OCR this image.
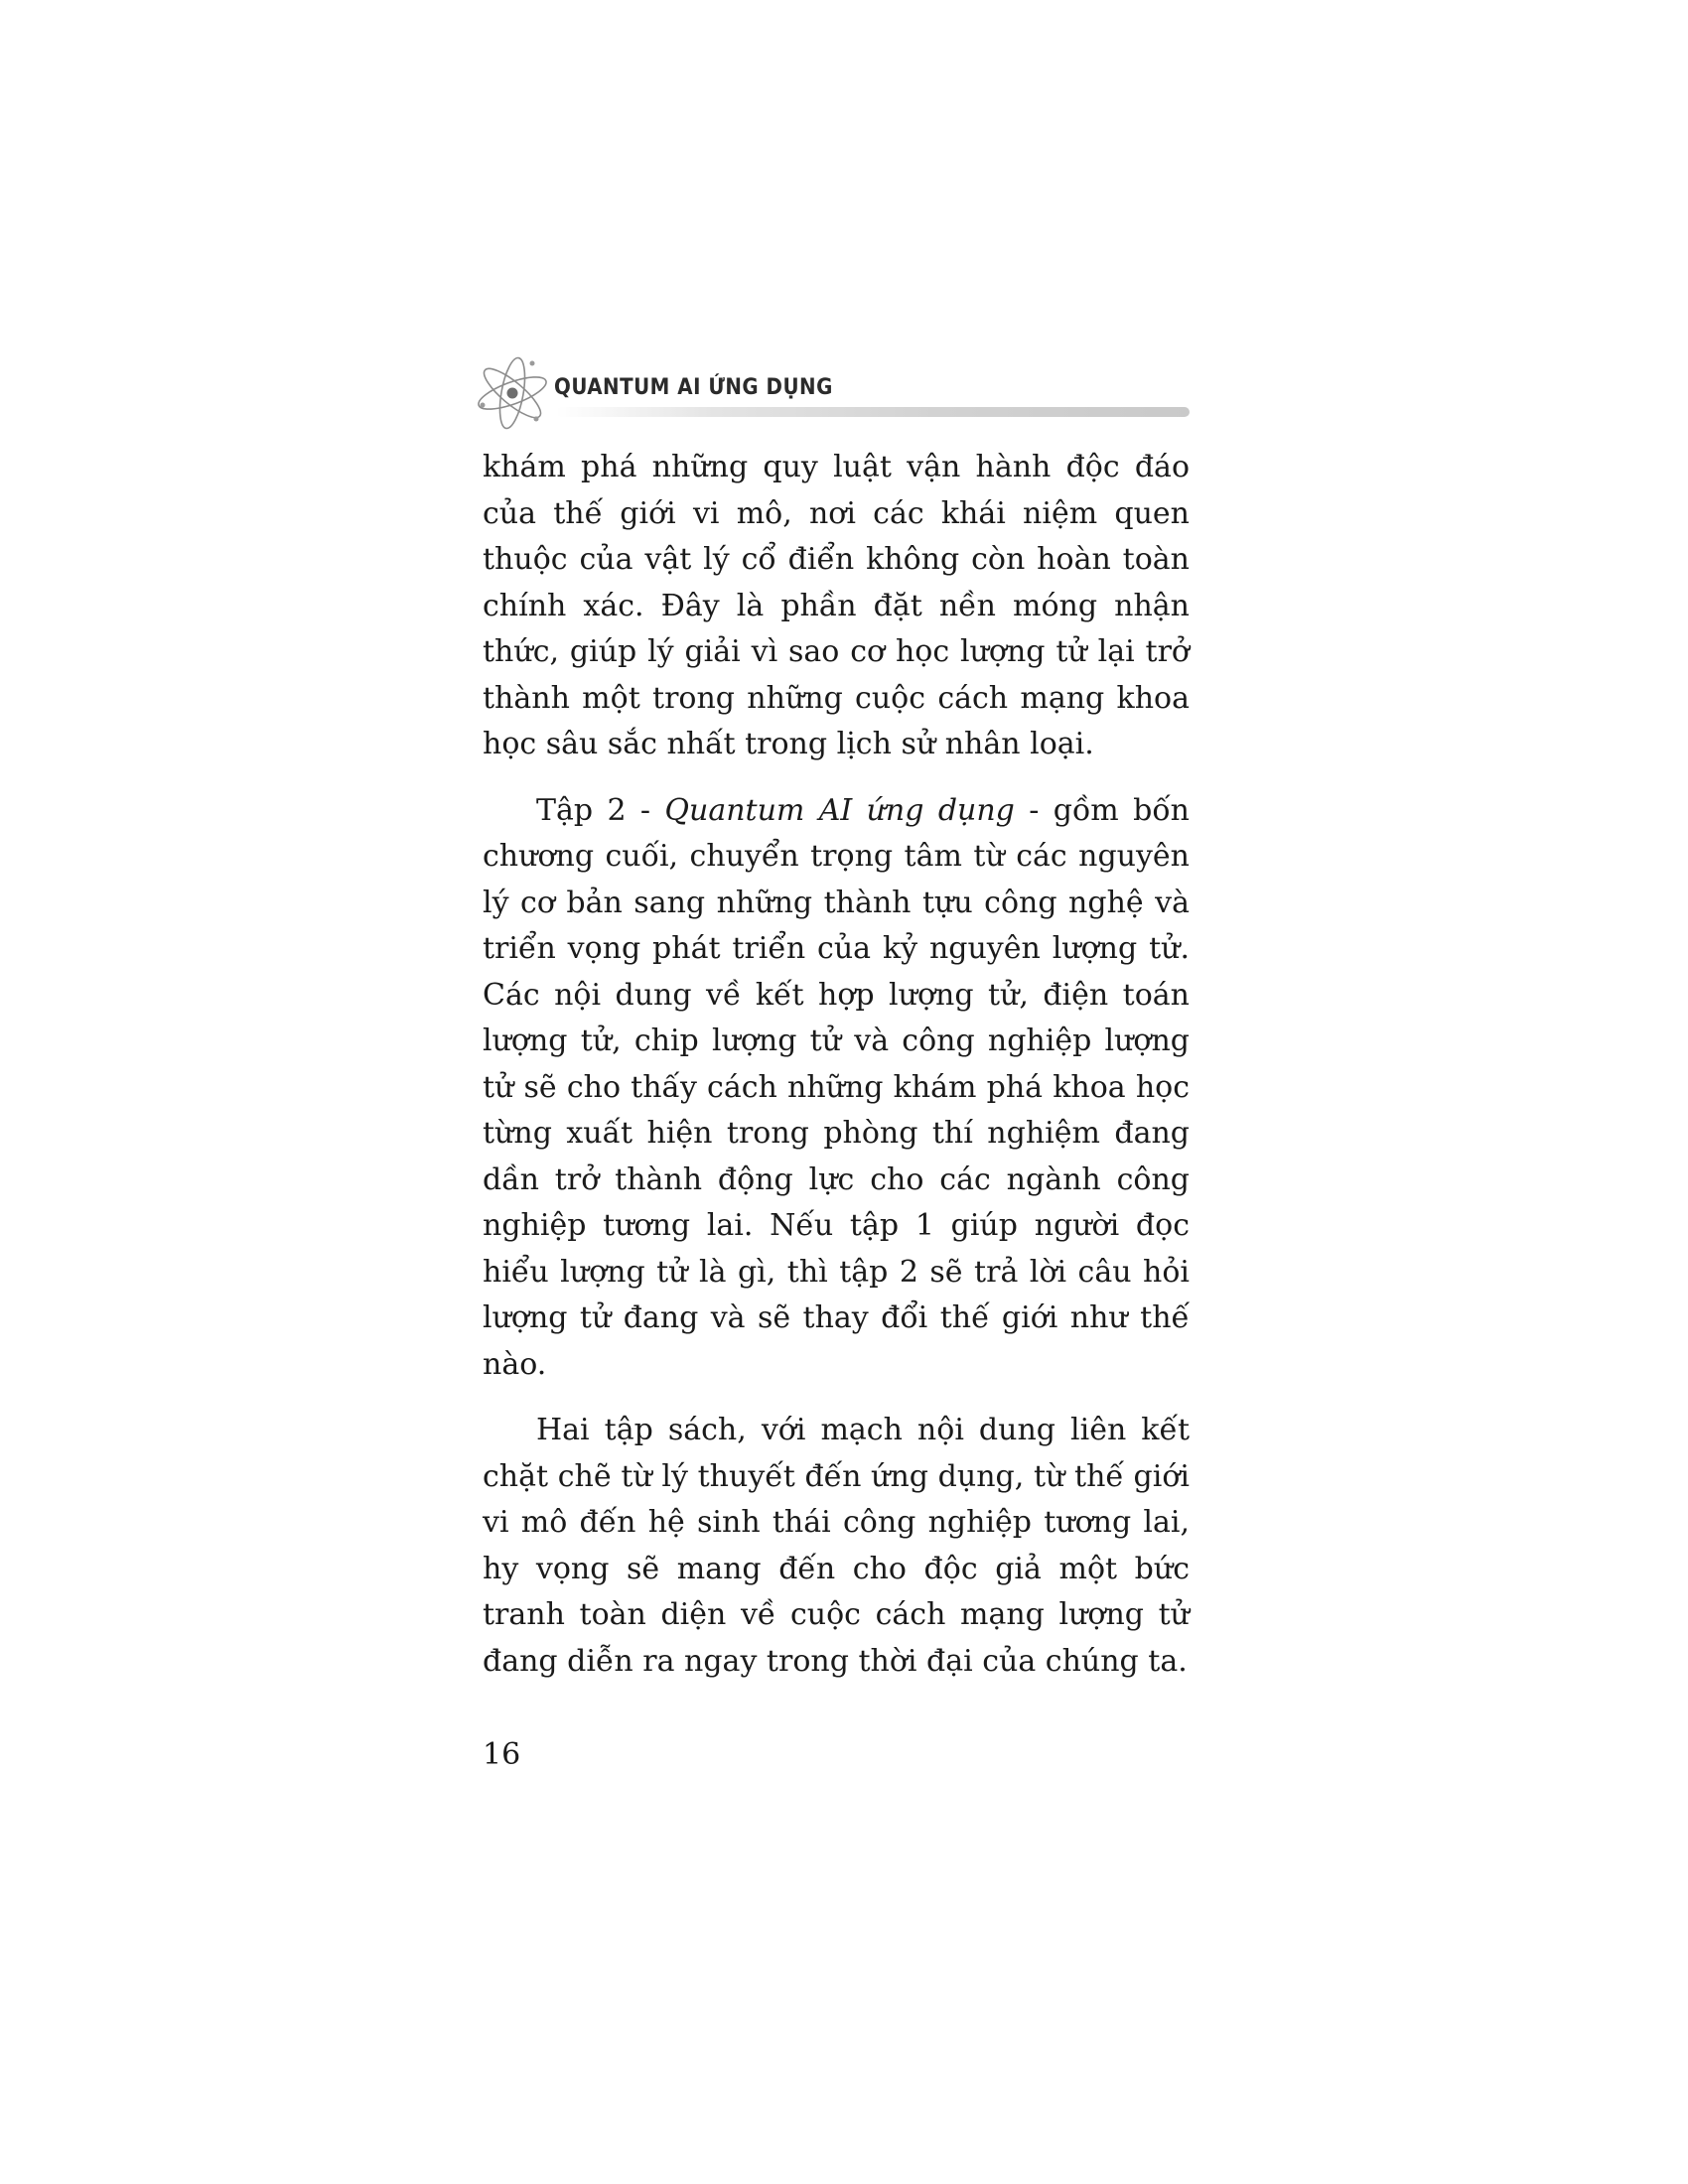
QUANTUM AI ỨNG DỤNG

khám phá những quy luật vận hành độc đáo của thế giới vi mô, nơi các khái niệm quen thuộc của vật lý cổ điển không còn hoàn toàn chính xác. Đây là phần đặt nền móng nhận thức, giúp lý giải vì sao cơ học lượng tử lại trở thành một trong những cuộc cách mạng khoa học sâu sắc nhất trong lịch sử nhân loại.

Tập 2 - Quantum AI ứng dụng - gồm bốn chương cuối, chuyển trọng tâm từ các nguyên lý cơ bản sang những thành tựu công nghệ và triển vọng phát triển của kỷ nguyên lượng tử. Các nội dung về kết hợp lượng tử, điện toán lượng tử, chip lượng tử và công nghiệp lượng tử sẽ cho thấy cách những khám phá khoa học từng xuất hiện trong phòng thí nghiệm đang dần trở thành động lực cho các ngành công nghiệp tương lai. Nếu tập 1 giúp người đọc hiểu lượng tử là gì, thì tập 2 sẽ trả lời câu hỏi lượng tử đang và sẽ thay đổi thế giới như thế nào.

Hai tập sách, với mạch nội dung liên kết chặt chẽ từ lý thuyết đến ứng dụng, từ thế giới vi mô đến hệ sinh thái công nghiệp tương lai, hy vọng sẽ mang đến cho độc giả một bức tranh toàn diện về cuộc cách mạng lượng tử đang diễn ra ngay trong thời đại của chúng ta.

16
